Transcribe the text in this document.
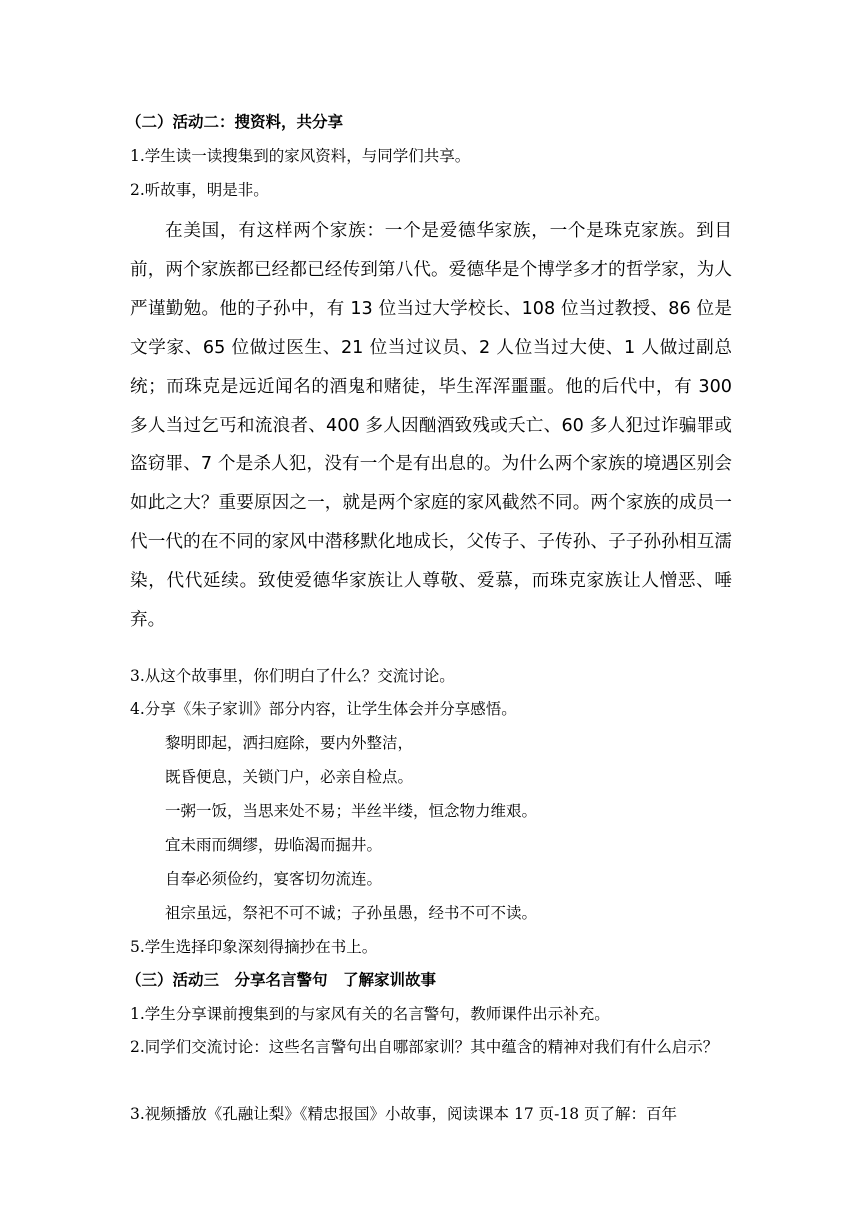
（二）活动二：搜资料，共分享
1.学生读一读搜集到的家风资料，与同学们共享。
2.听故事，明是非。

在美国，有这样两个家族：一个是爱德华家族，一个是珠克家族。到目前，两个家族都已经都已经传到第八代。爱德华是个博学多才的哲学家，为人严谨勤勉。他的子孙中，有 13 位当过大学校长、108 位当过教授、86 位是文学家、65 位做过医生、21 位当过议员、2 人位当过大使、1 人做过副总统；而珠克是远近闻名的酒鬼和赌徒，毕生浑浑噩噩。他的后代中，有 300 多人当过乞丐和流浪者、400 多人因酗酒致残或夭亡、60 多人犯过诈骗罪或盗窃罪、7 个是杀人犯，没有一个是有出息的。为什么两个家族的境遇区别会如此之大？重要原因之一，就是两个家庭的家风截然不同。两个家族的成员一代一代的在不同的家风中潜移默化地成长，父传子、子传孙、子子孙孙相互濡染，代代延续。致使爱德华家族让人尊敬、爱慕，而珠克家族让人憎恶、唾弃。

3.从这个故事里，你们明白了什么？交流讨论。
4.分享《朱子家训》部分内容，让学生体会并分享感悟。
黎明即起，洒扫庭除，要内外整洁，
既昏便息，关锁门户，必亲自检点。
一粥一饭，当思来处不易；半丝半缕，恒念物力维艰。
宜未雨而绸缪，毋临渴而掘井。
自奉必须俭约，宴客切勿流连。
祖宗虽远，祭祀不可不诚；子孙虽愚，经书不可不读。
5.学生选择印象深刻得摘抄在书上。
（三）活动三　分享名言警句　了解家训故事
1.学生分享课前搜集到的与家风有关的名言警句，教师课件出示补充。

2.同学们交流讨论：这些名言警句出自哪部家训？其中蕴含的精神对我们有什么启示？

3.视频播放《孔融让梨》《精忠报国》小故事，阅读课本 17 页-18 页了解：百年
